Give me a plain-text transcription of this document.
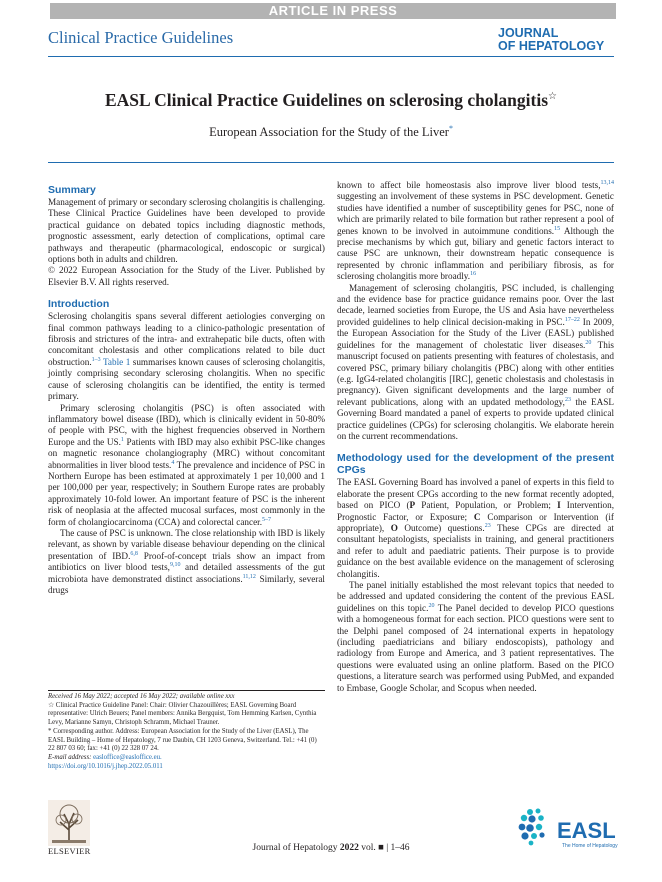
ARTICLE IN PRESS
Clinical Practice Guidelines	JOURNAL
OF HEPATOLOGY
EASL Clinical Practice Guidelines on sclerosing cholangitis☆
European Association for the Study of the Liver*
Summary

Management of primary or secondary sclerosing cholangitis is challenging. These Clinical Practice Guidelines have been developed to provide practical guidance on debated topics including diagnostic methods, prognostic assessment, early detection of complications, optimal care pathways and therapeutic (pharmacological, endoscopic or surgical) options both in adults and children.

© 2022 European Association for the Study of the Liver. Published by Elsevier B.V. All rights reserved.

Introduction

Sclerosing cholangitis spans several different aetiologies converging on final common pathways leading to a clinico-pathologic presentation of fibrosis and strictures of the intra- and extrahepatic bile ducts, often with concomitant cholestasis and other complications related to bile duct obstruction.$^{1-3}$ Table 1 summarises known causes of sclerosing cholangitis, jointly comprising secondary sclerosing cholangitis. When no specific cause of sclerosing cholangitis can be identified, the entity is termed primary.

Primary sclerosing cholangitis (PSC) is often associated with inflammatory bowel disease (IBD), which is clinically evident in 50-80% of people with PSC, with the highest frequencies observed in Northern Europe and the US.$^1$ Patients with IBD may also exhibit PSC-like changes on magnetic resonance cholangiography (MRC) without concomitant abnormalities in liver blood tests.$^4$ The prevalence and incidence of PSC in Northern Europe has been estimated at approximately 1 per 10,000 and 1 per 100,000 per year, respectively; in Southern Europe rates are probably approximately 10-fold lower. An important feature of PSC is the inherent risk of neoplasia at the affected mucosal surfaces, most commonly in the form of cholangiocarcinoma (CCA) and colorectal cancer.$^{5-7}$

The cause of PSC is unknown. The close relationship with IBD is likely relevant, as shown by variable disease behaviour depending on the clinical presentation of IBD.$^{6,8}$ Proof-of-concept trials show an impact from antibiotics on liver blood tests,$^{9,10}$ and detailed assessments of the gut microbiota have demonstrated distinct associations.$^{11,12}$ Similarly, several drugs

known to affect bile homeostasis also improve liver blood tests,$^{13,14}$ suggesting an involvement of these systems in PSC development. Genetic studies have identified a number of susceptibility genes for PSC, none of which are primarily related to bile formation but rather represent a pool of genes known to be involved in autoimmune conditions.$^{15}$ Although the precise mechanisms by which gut, biliary and genetic factors interact to cause PSC are unknown, their downstream hepatic consequence is represented by chronic inflammation and peribiliary fibrosis, as for sclerosing cholangitis more broadly.$^{16}$

Management of sclerosing cholangitis, PSC included, is challenging and the evidence base for practice guidance remains poor. Over the last decade, learned societies from Europe, the US and Asia have nevertheless provided guidelines to help clinical decision-making in PSC.$^{17-22}$ In 2009, the European Association for the Study of the Liver (EASL) published guidelines for the management of cholestatic liver diseases.$^{20}$ This manuscript focused on patients presenting with features of cholestasis, and covered PSC, primary biliary cholangitis (PBC) along with other entities (e.g. IgG4-related cholangitis [IRC], genetic cholestasis and cholestasis in pregnancy). Given significant developments and the large number of relevant publications, along with an updated methodology,$^{23}$ the EASL Governing Board mandated a panel of experts to provide updated clinical practice guidelines (CPGs) for sclerosing cholangitis. We elaborate herein on the current recommendations.

Methodology used for the development of the present CPGs

The EASL Governing Board has involved a panel of experts in this field to elaborate the present CPGs according to the new format recently adopted, based on PICO (P Patient, Population, or Problem; I Intervention, Prognostic Factor, or Exposure; C Comparison or Intervention (if appropriate), O Outcome) questions.$^{23}$ These CPGs are directed at consultant hepatologists, specialists in training, and general practitioners and refer to adult and paediatric patients. Their purpose is to provide guidance on the best available evidence on the management of sclerosing cholangitis.

The panel initially established the most relevant topics that needed to be addressed and updated considering the content of the previous EASL guidelines on this topic.$^{20}$ The Panel decided to develop PICO questions with a homogeneous format for each section. PICO questions were sent to the Delphi panel composed of 24 international experts in hepatology (including paediatricians and biliary endoscopists), pathology and radiology from Europe and America, and 3 patient representatives. The questions were evaluated using an online platform. Based on the PICO questions, a literature search was performed using PubMed, and expanded to Embase, Google Scholar, and Scopus when needed.

Received 16 May 2022; accepted 16 May 2022; available online xxx

☆ Clinical Practice Guideline Panel: Chair: Olivier Chazouillères; EASL Governing Board representative: Ulrich Beuers; Panel members: Annika Bergquist, Tom Hemming Karlsen, Cynthia Levy, Marianne Samyn, Christoph Schramm, Michael Trauner.

* Corresponding author. Address: European Association for the Study of the Liver (EASL), The EASL Building – Home of Hepatology, 7 rue Daubin, CH 1203 Geneva, Switzerland. Tel.: +41 (0) 22 807 03 60; fax: +41 (0) 22 328 07 24.

E-mail address: easloffice@easloffice.eu.

https://doi.org/10.1016/j.jhep.2022.05.011

ELSEVIER	Journal of Hepatology 2022 vol. ■ | 1–46
EASL
The Home of Hepatology
